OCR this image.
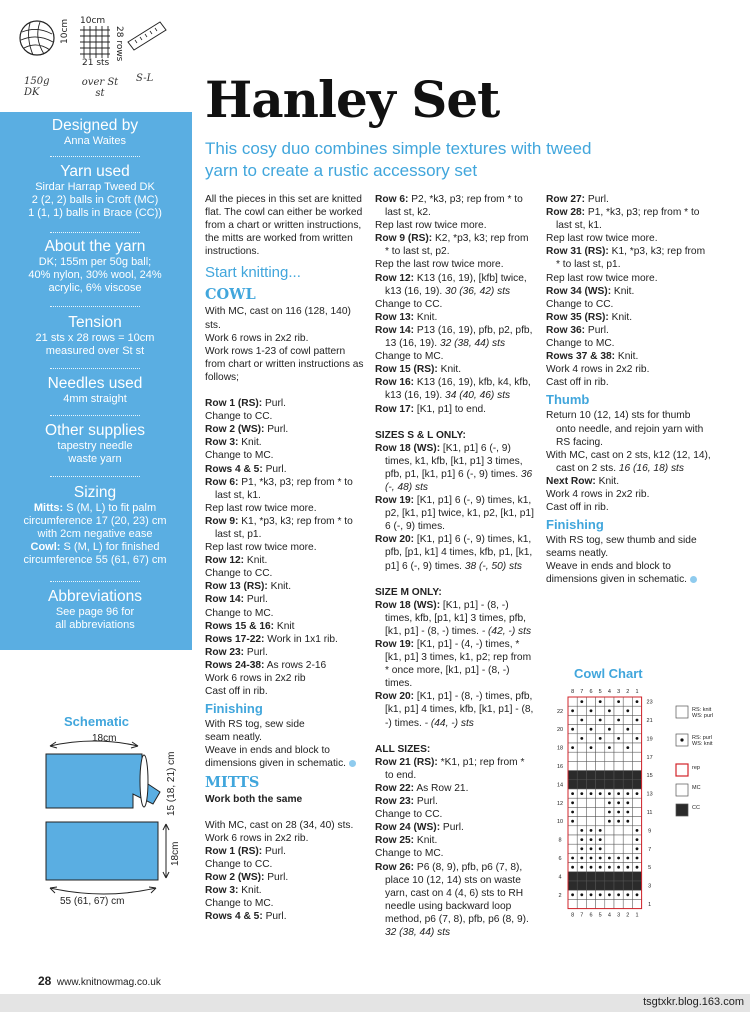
10cm
10cm	28 rows
21 sts
150g DK
over St st
S-L
Designed by
Anna Waites
Yarn used
Sirdar Harrap Tweed DK
2 (2, 2) balls in Croft (MC)
1 (1, 1) balls in Brace (CC))
About the yarn
DK; 155m per 50g ball;
40% nylon, 30% wool, 24%
acrylic, 6% viscose
Tension
21 sts x 28 rows = 10cm
measured over St st
Needles used
4mm straight
Other supplies
tapestry needle
waste yarn
Sizing
Mitts: S (M, L) to fit palm circumference 17 (20, 23) cm with 2cm negative ease
Cowl: S (M, L) for finished circumference 55 (61, 67) cm
Abbreviations
See page 96 for
all abbreviations
Hanley Set
This cosy duo combines simple textures with tweed yarn to create a rustic accessory set
Schematic
18cm
15 (18, 21) cm
18cm
55 (61, 67) cm

All the pieces in this set are knitted flat. The cowl can either be worked from a chart or written instructions, the mitts are worked from written instructions.

Start knitting...
COWL

With MC, cast on 116 (128, 140) sts.

Work 6 rows in 2x2 rib.

Work rows 1-23 of cowl pattern from chart or written instructions as follows;

Row 1 (RS): Purl.

Change to CC.

Row 2 (WS): Purl.

Row 3: Knit.

Change to MC.

Rows 4 & 5: Purl.

Row 6: P1, *k3, p3; rep from * to last st, k1.

Rep last row twice more.

Row 9: K1, *p3, k3; rep from * to last st, p1.

Rep last row twice more.

Row 12: Knit.

Change to CC.

Row 13 (RS): Knit.

Row 14: Purl.

Change to MC.

Rows 15 & 16: Knit

Rows 17-22: Work in 1x1 rib.

Row 23: Purl.

Rows 24-38: As rows 2-16

Work 6 rows in 2x2 rib

Cast off in rib.

Finishing

With RS tog, sew side

seam neatly.

Weave in ends and block to

dimensions given in schematic.

MITTS

Work both the same

With MC, cast on 28 (34, 40) sts.

Work 6 rows in 2x2 rib.

Row 1 (RS): Purl.

Change to CC.

Row 2 (WS): Purl.

Row 3: Knit.

Change to MC.

Rows 4 & 5: Purl.

Row 6: P2, *k3, p3; rep from * to last st, k2.

Rep last row twice more.

Row 9 (RS): K2, *p3, k3; rep from * to last st, p2.

Rep the last row twice more.

Row 12: K13 (16, 19), [kfb] twice, k13 (16, 19). 30 (36, 42) sts

Change to CC.

Row 13: Knit.

Row 14: P13 (16, 19), pfb, p2, pfb, 13 (16, 19). 32 (38, 44) sts

Change to MC.

Row 15 (RS): Knit.

Row 16: K13 (16, 19), kfb, k4, kfb, k13 (16, 19). 34 (40, 46) sts

Row 17: [K1, p1] to end.

SIZES S & L ONLY:

Row 18 (WS): [K1, p1] 6 (-, 9) times, k1, kfb, [k1, p1] 3 times, pfb, p1, [k1, p1] 6 (-, 9) times. 36 (-, 48) sts

Row 19: [K1, p1] 6 (-, 9) times, k1, p2, [k1, p1] twice, k1, p2, [k1, p1] 6 (-, 9) times.

Row 20: [K1, p1] 6 (-, 9) times, k1, pfb, [p1, k1] 4 times, kfb, p1, [k1, p1] 6 (-, 9) times. 38 (-, 50) sts

SIZE M ONLY:

Row 18 (WS): [K1, p1] - (8, -) times, kfb, [p1, k1] 3 times, pfb, [k1, p1] - (8, -) times. - (42, -) sts

Row 19: [K1, p1] - (4, -) times, *[k1, p1] 3 times, k1, p2; rep from * once more, [k1, p1] - (8, -) times.

Row 20: [K1, p1] - (8, -) times, pfb, [k1, p1] 4 times, kfb, [k1, p1] - (8, -) times. - (44, -) sts

ALL SIZES:

Row 21 (RS): *K1, p1; rep from * to end.

Row 22: As Row 21.

Row 23: Purl.

Change to CC.

Row 24 (WS): Purl.

Row 25: Knit.

Change to MC.

Row 26: P6 (8, 9), pfb, p6 (7, 8), place 10 (12, 14) sts on waste yarn, cast on 4 (4, 6) sts to RH needle using backward loop method, p6 (7, 8), pfb, p6 (8, 9). 32 (38, 44) sts

Row 27: Purl.

Row 28: P1, *k3, p3; rep from * to last st, k1.

Rep last row twice more.

Row 31 (RS): K1, *p3, k3; rep from * to last st, p1.

Rep last row twice more.

Row 34 (WS): Knit.

Change to CC.

Row 35 (RS): Knit.

Row 36: Purl.

Change to MC.

Rows 37 & 38: Knit.

Work 4 rows in 2x2 rib.

Cast off in rib.

Thumb

Return 10 (12, 14) sts for thumb onto needle, and rejoin yarn with RS facing.

With MC, cast on 2 sts, k12 (12, 14), cast on 2 sts. 16 (16, 18) sts

Next Row: Knit.

Work 4 rows in 2x2 rib.

Cast off in rib.

Finishing

With RS tog, sew thumb and side

seams neatly.

Weave in ends and block to

dimensions given in schematic.

Cowl Chart
8
8
7
7
6
6
5
5
4
4
3
3
2
2
1
1
23
21
19
17
15
13
11
9
7
5
3
1
22
20
18
16
14
12
10
8
6
4
2
RS: knit
WS: purl
RS: purl
WS: knit
rep
MC
CC
28 www.knitnowmag.co.uk
tsgtxkr.blog.163.com
